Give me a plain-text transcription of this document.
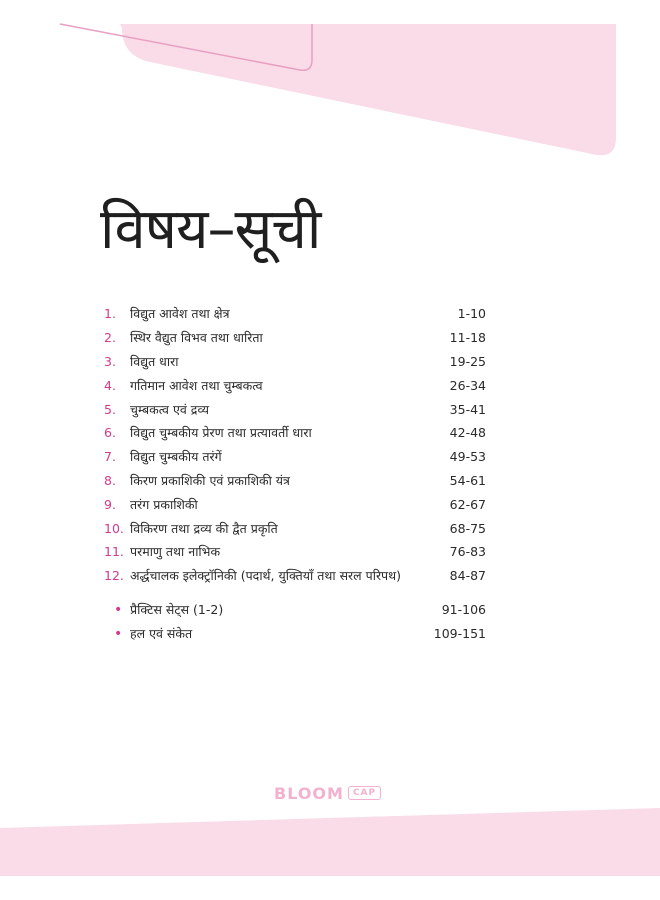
विषय–सूची
1.	विद्युत आवेश तथा क्षेत्र	1-10
2.	स्थिर वैद्युत विभव तथा धारिता	11-18
3.	विद्युत धारा	19-25
4.	गतिमान आवेश तथा चुम्बकत्व	26-34
5.	चुम्बकत्व एवं द्रव्य	35-41
6.	विद्युत चुम्बकीय प्रेरण तथा प्रत्यावर्ती धारा	42-48
7.	विद्युत चुम्बकीय तरंगें	49-53
8.	किरण प्रकाशिकी एवं प्रकाशिकी यंत्र	54-61
9.	तरंग प्रकाशिकी	62-67
10. विकिरण तथा द्रव्य की द्वैत प्रकृति	68-75
11. परमाणु तथा नाभिक	76-83
12. अर्द्धचालक इलेक्ट्रॉनिकी (पदार्थ, युक्तियाँ तथा सरल परिपथ)	84-87
• प्रैक्टिस सेट्स (1-2)	91-106
• हल एवं संकेत	109-151
BLOOM	CAP
